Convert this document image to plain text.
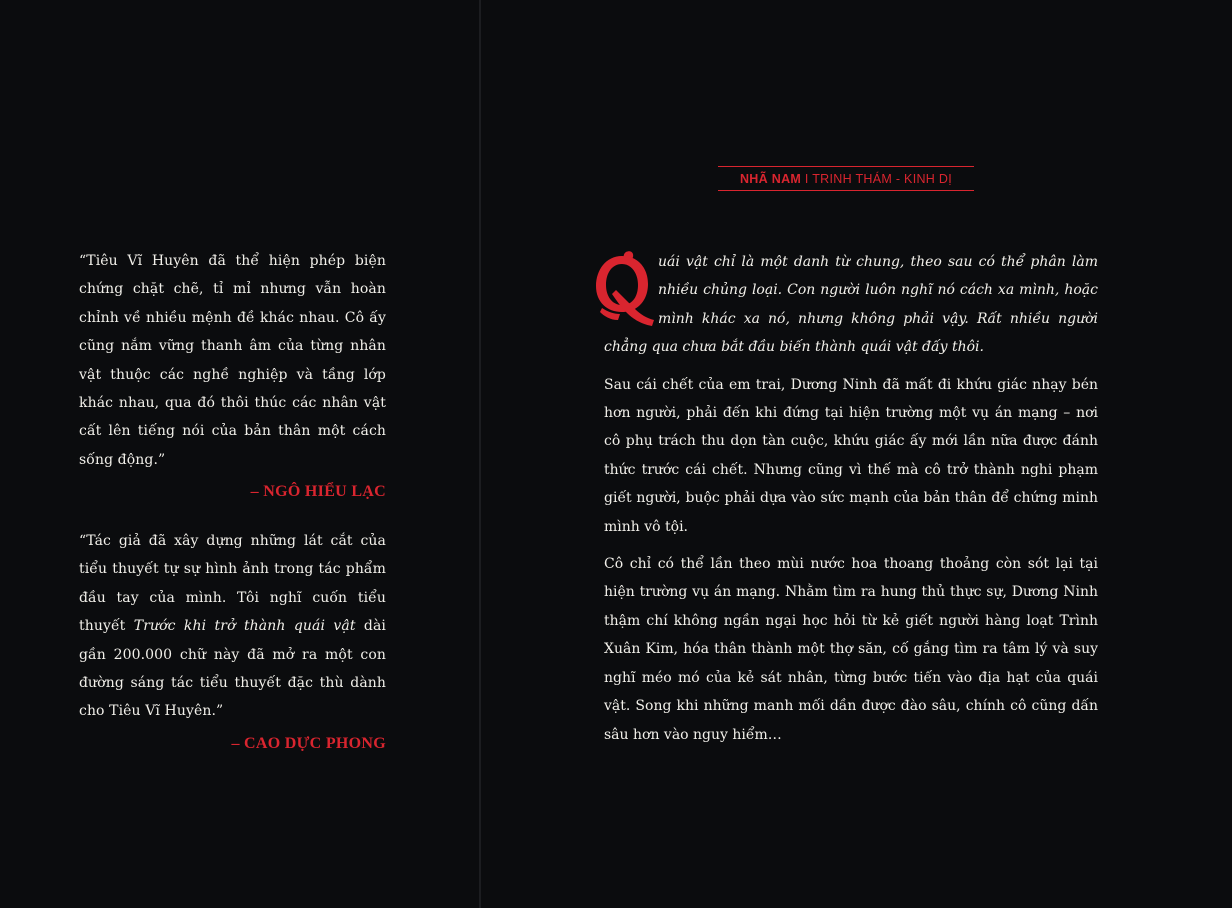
“Tiêu Vĩ Huyên đã thể hiện phép biện chứng chặt chẽ, tỉ mỉ nhưng vẫn hoàn chỉnh về nhiều mệnh đề khác nhau. Cô ấy cũng nắm vững thanh âm của từng nhân vật thuộc các nghề nghiệp và tầng lớp khác nhau, qua đó thôi thúc các nhân vật cất lên tiếng nói của bản thân một cách sống động.”

– NGÔ HIỂU LẠC

“Tác giả đã xây dựng những lát cắt của tiểu thuyết tự sự hình ảnh trong tác phẩm đầu tay của mình. Tôi nghĩ cuốn tiểu thuyết Trước khi trở thành quái vật dài gần 200.000 chữ này đã mở ra một con đường sáng tác tiểu thuyết đặc thù dành cho Tiêu Vĩ Huyên.”

– CAO DỰC PHONG
NHÃ NAM I TRINH THÁM - KINH DỊ

uái vật chỉ là một danh từ chung, theo sau có thể phân làm nhiều chủng loại. Con người luôn nghĩ nó cách xa mình, hoặc mình khác xa nó, nhưng không phải vậy. Rất nhiều người chẳng qua chưa bắt đầu biến thành quái vật đấy thôi.

Sau cái chết của em trai, Dương Ninh đã mất đi khứu giác nhạy bén hơn người, phải đến khi đứng tại hiện trường một vụ án mạng – nơi cô phụ trách thu dọn tàn cuộc, khứu giác ấy mới lần nữa được đánh thức trước cái chết. Nhưng cũng vì thế mà cô trở thành nghi phạm giết người, buộc phải dựa vào sức mạnh của bản thân để chứng minh mình vô tội.

Cô chỉ có thể lần theo mùi nước hoa thoang thoảng còn sót lại tại hiện trường vụ án mạng. Nhằm tìm ra hung thủ thực sự, Dương Ninh thậm chí không ngần ngại học hỏi từ kẻ giết người hàng loạt Trình Xuân Kim, hóa thân thành một thợ săn, cố gắng tìm ra tâm lý và suy nghĩ méo mó của kẻ sát nhân, từng bước tiến vào địa hạt của quái vật. Song khi những manh mối dần được đào sâu, chính cô cũng dấn sâu hơn vào nguy hiểm…
